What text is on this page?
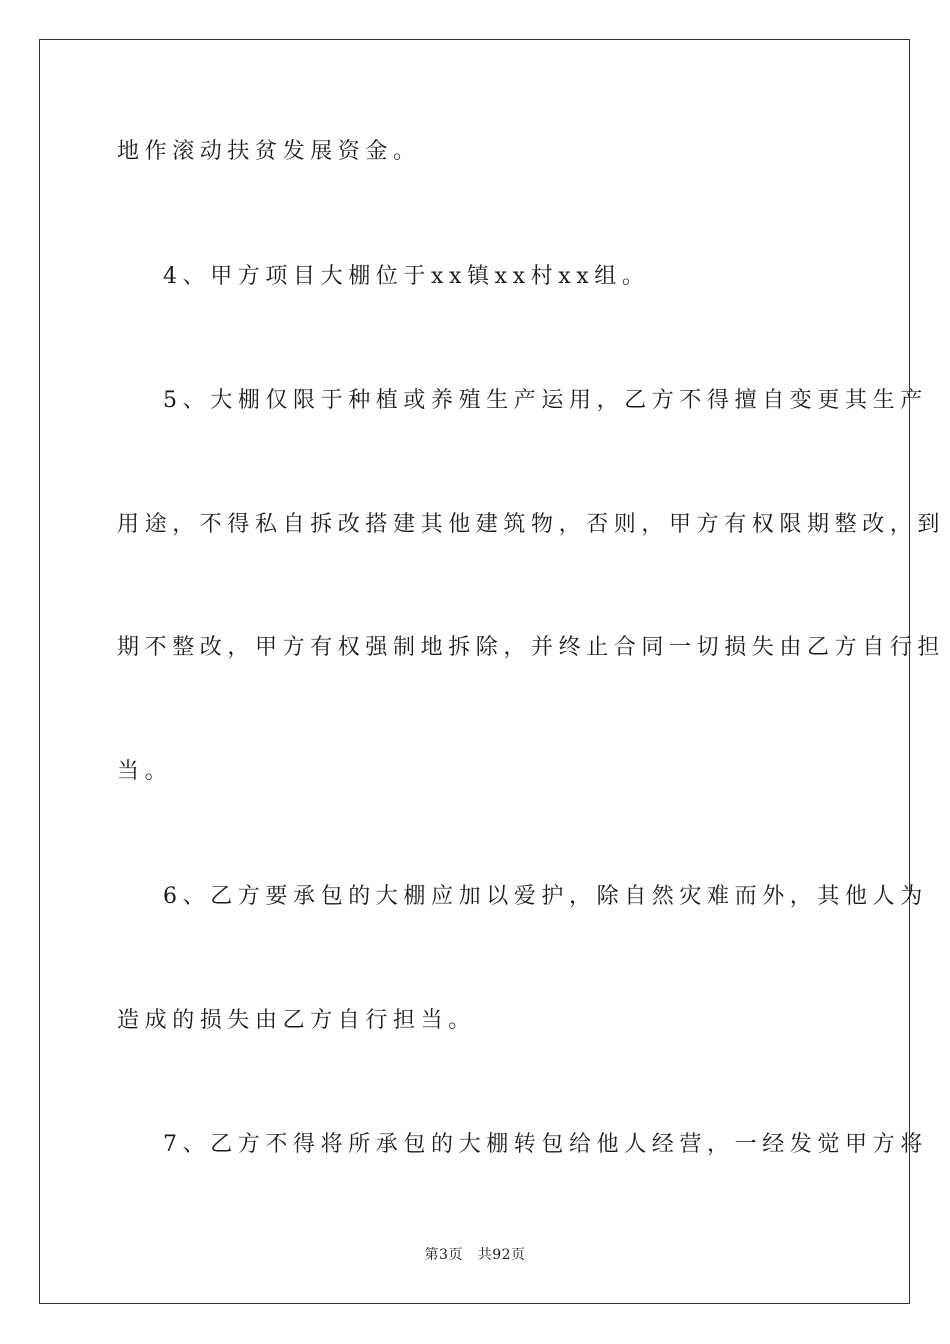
地作滚动扶贫发展资金。
4、甲方项目大棚位于xx镇xx村xx组。
5、大棚仅限于种植或养殖生产运用，乙方不得擅自变更其生产
用途，不得私自拆改搭建其他建筑物，否则，甲方有权限期整改，到
期不整改，甲方有权强制地拆除，并终止合同一切损失由乙方自行担
当。
6、乙方要承包的大棚应加以爱护，除自然灾难而外，其他人为
造成的损失由乙方自行担当。
7、乙方不得将所承包的大棚转包给他人经营，一经发觉甲方将
第3页   共92页
